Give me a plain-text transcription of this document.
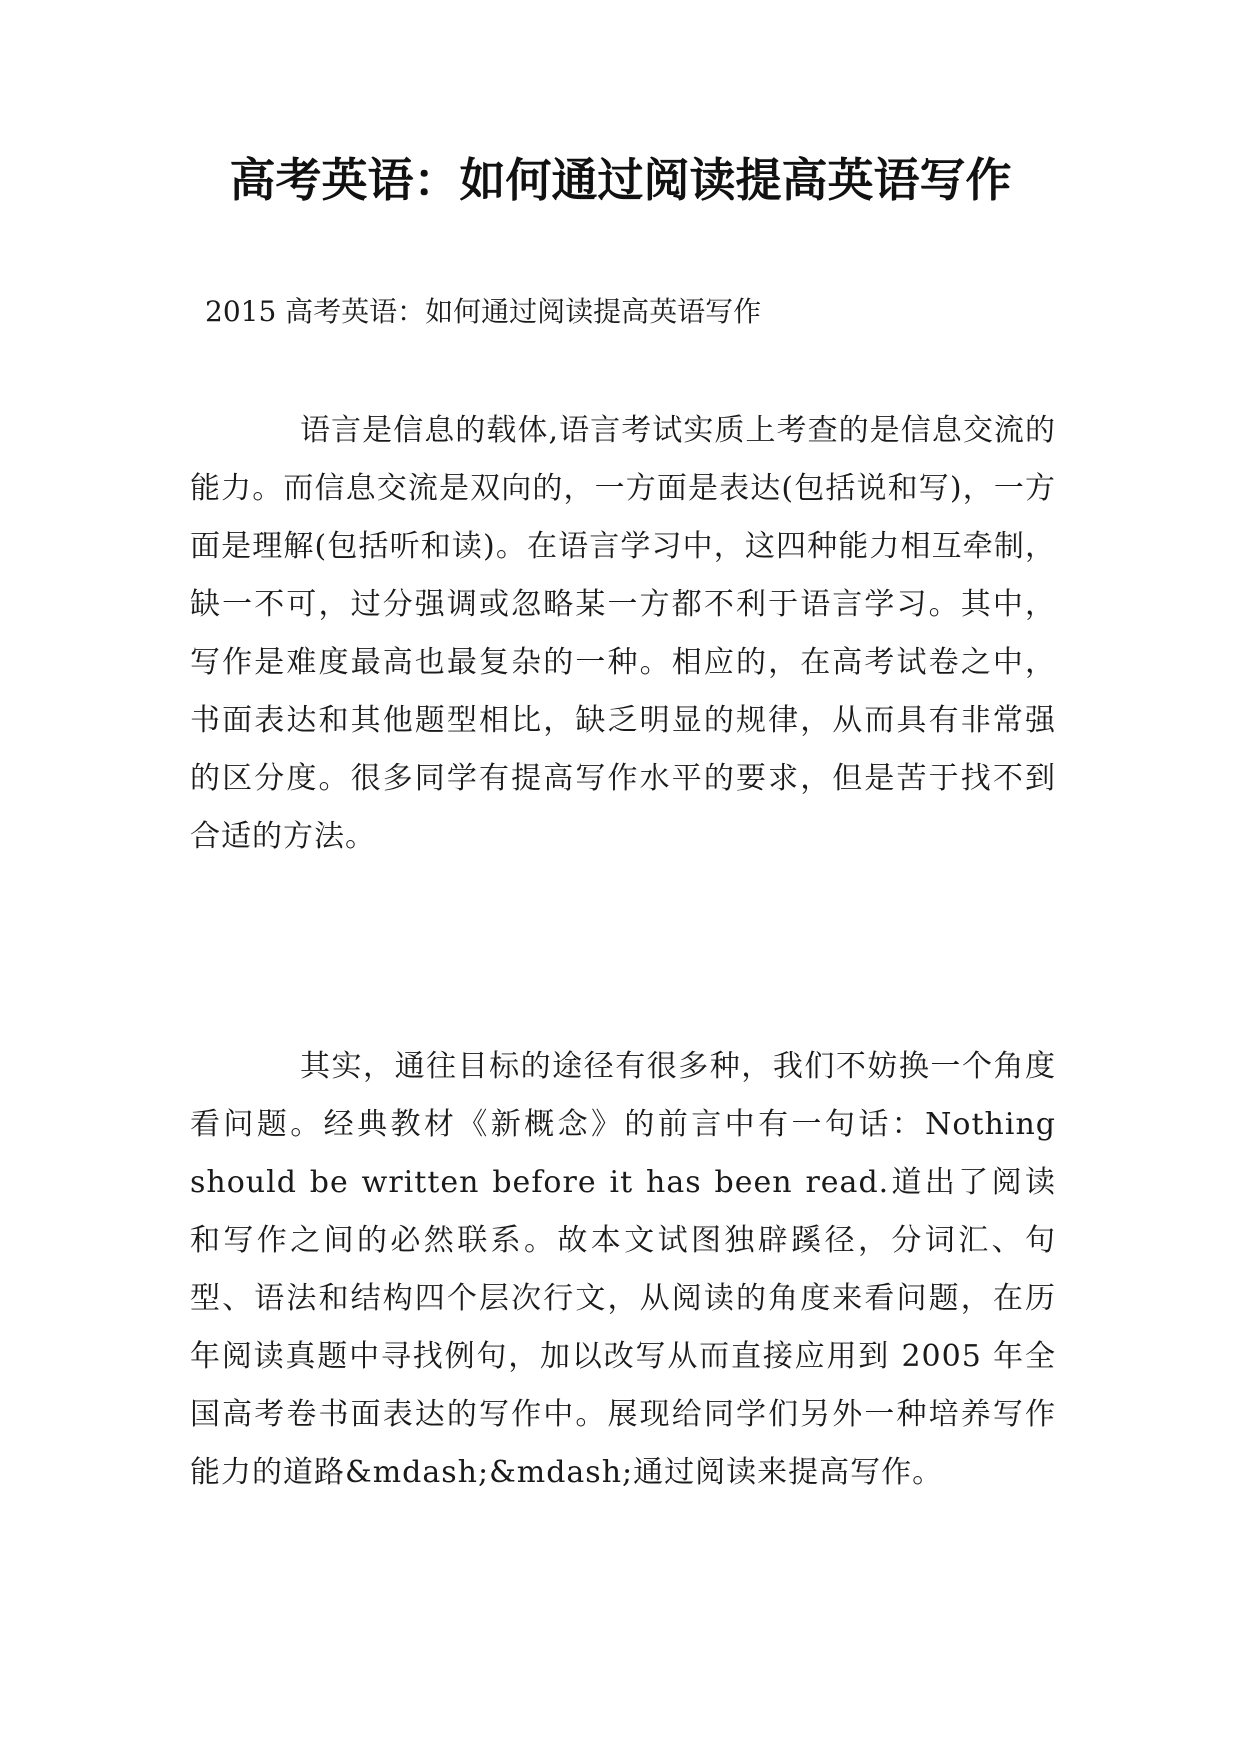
高考英语：如何通过阅读提高英语写作

2015 高考英语：如何通过阅读提高英语写作

语言是信息的载体,语言考试实质上考查的是信息交流的能力。而信息交流是双向的，一方面是表达(包括说和写)，一方面是理解(包括听和读)。在语言学习中，这四种能力相互牵制，缺一不可，过分强调或忽略某一方都不利于语言学习。其中，写作是难度最高也最复杂的一种。相应的，在高考试卷之中，书面表达和其他题型相比，缺乏明显的规律，从而具有非常强的区分度。很多同学有提高写作水平的要求，但是苦于找不到合适的方法。

其实，通往目标的途径有很多种，我们不妨换一个角度看问题。经典教材《新概念》的前言中有一句话：Nothing should be written before it has been read.道出了阅读和写作之间的必然联系。故本文试图独辟蹊径，分词汇、句型、语法和结构四个层次行文，从阅读的角度来看问题，在历年阅读真题中寻找例句，加以改写从而直接应用到 2005 年全国高考卷书面表达的写作中。展现给同学们另外一种培养写作能力的道路&mdash;&mdash;通过阅读来提高写作。
